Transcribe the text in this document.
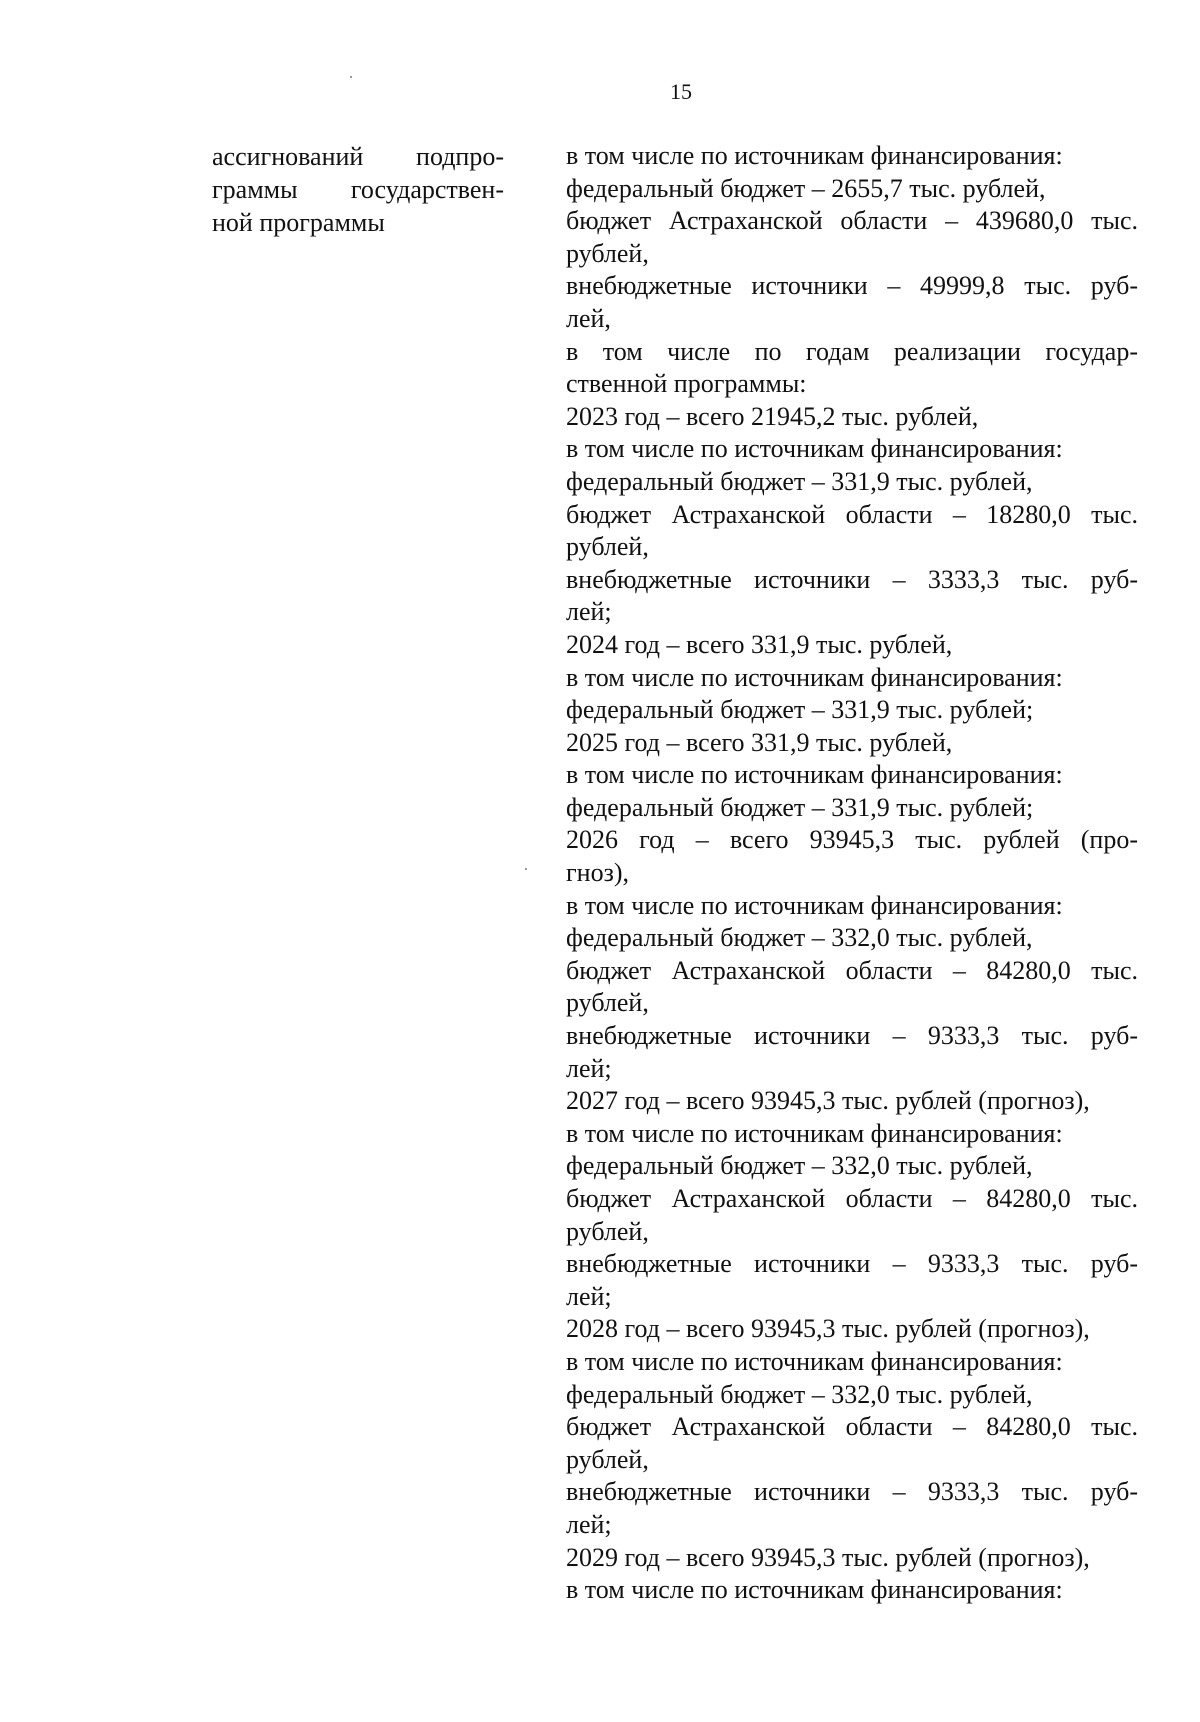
15
ассигнований подпро-
граммы государствен-
ной программы
в том числе по источникам финансирования:
федеральный бюджет – 2655,7 тыс. рублей,
бюджет Астраханской области – 439680,0 тыс.
рублей,
внебюджетные источники – 49999,8 тыс. руб-
лей,
в том числе по годам реализации государ-
ственной программы:
2023 год – всего 21945,2 тыс. рублей,
в том числе по источникам финансирования:
федеральный бюджет – 331,9 тыс. рублей,
бюджет Астраханской области – 18280,0 тыс.
рублей,
внебюджетные источники – 3333,3 тыс. руб-
лей;
2024 год – всего 331,9 тыс. рублей,
в том числе по источникам финансирования:
федеральный бюджет – 331,9 тыс. рублей;
2025 год – всего 331,9 тыс. рублей,
в том числе по источникам финансирования:
федеральный бюджет – 331,9 тыс. рублей;
2026 год – всего 93945,3 тыс. рублей (про-
гноз),
в том числе по источникам финансирования:
федеральный бюджет – 332,0 тыс. рублей,
бюджет Астраханской области – 84280,0 тыс.
рублей,
внебюджетные источники – 9333,3 тыс. руб-
лей;
2027 год – всего 93945,3 тыс. рублей (прогноз),
в том числе по источникам финансирования:
федеральный бюджет – 332,0 тыс. рублей,
бюджет Астраханской области – 84280,0 тыс.
рублей,
внебюджетные источники – 9333,3 тыс. руб-
лей;
2028 год – всего 93945,3 тыс. рублей (прогноз),
в том числе по источникам финансирования:
федеральный бюджет – 332,0 тыс. рублей,
бюджет Астраханской области – 84280,0 тыс.
рублей,
внебюджетные источники – 9333,3 тыс. руб-
лей;
2029 год – всего 93945,3 тыс. рублей (прогноз),
в том числе по источникам финансирования:
